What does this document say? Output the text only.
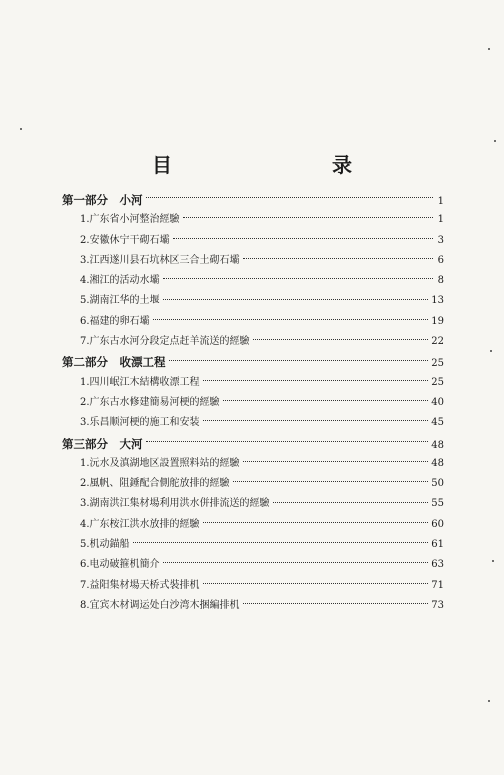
目　　录
第一部分　小河	1
1.广东省小河整治經驗	1
2.安徽休宁干砌石壩	3
3.江西遂川县石坑林区三合土砌石壩	6
4.湘江的活动水壩	8
5.湖南江华的土堰	13
6.福建的卵石壩	19
7.广东古水河分段定点赶羊流送的經驗	22
第二部分　收漂工程	25
1.四川岷江木結構收漂工程	25
2.广东古水修建簡易河梗的經驗	40
3.乐昌顺河梗的施工和安装	45
第三部分　大河	48
1.沅水及滇湖地区設置照料站的經驗	48
2.風帆、阻錘配合側舵放排的經驗	50
3.湖南洪江集材場利用洪水併排流送的經驗	55
4.广东桉江洪水放排的經驗	60
5.机动錨船	61
6.电动破箍机簡介	63
7.益阳集材場天桥式裝排机	71
8.宜宾木材调运处白沙湾木捆編排机	73
